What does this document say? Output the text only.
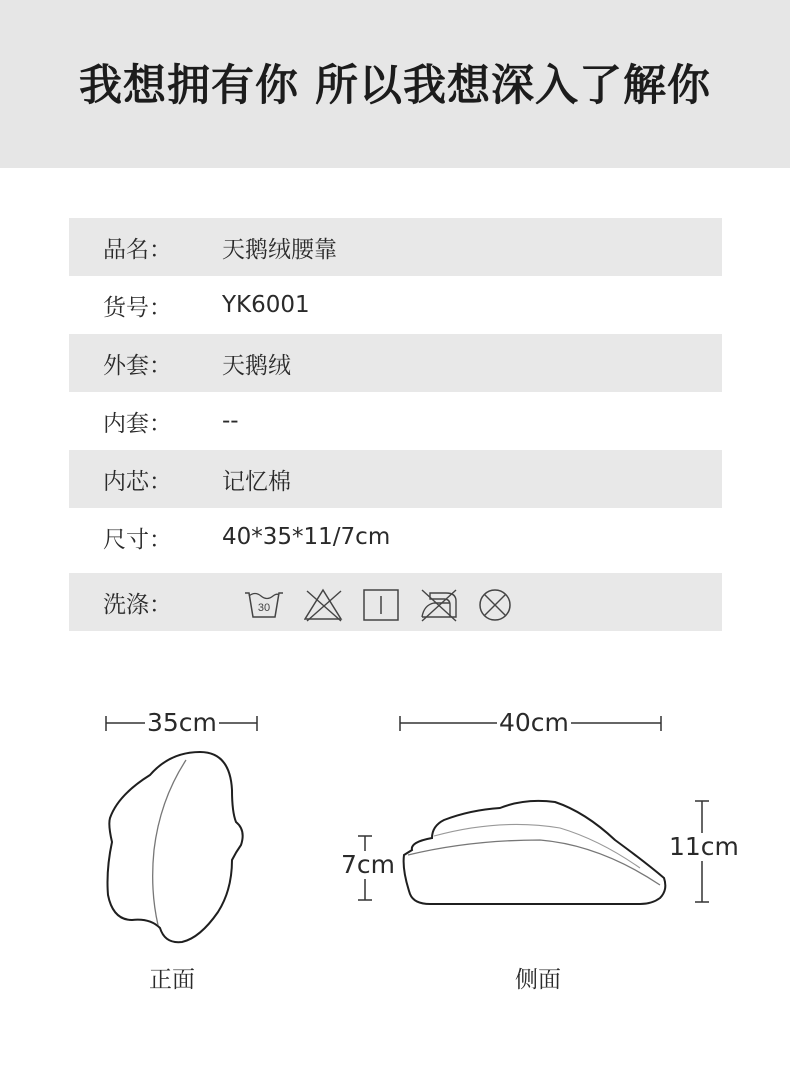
我想拥有你 所以我想深入了解你
品名： 天鹅绒腰靠
货号： YK6001
外套： 天鹅绒
内套： --
内芯： 记忆棉
尺寸： 40*35*11/7cm
洗涤：	30
35cm	40cm
7cm
11cm
正面	侧面
